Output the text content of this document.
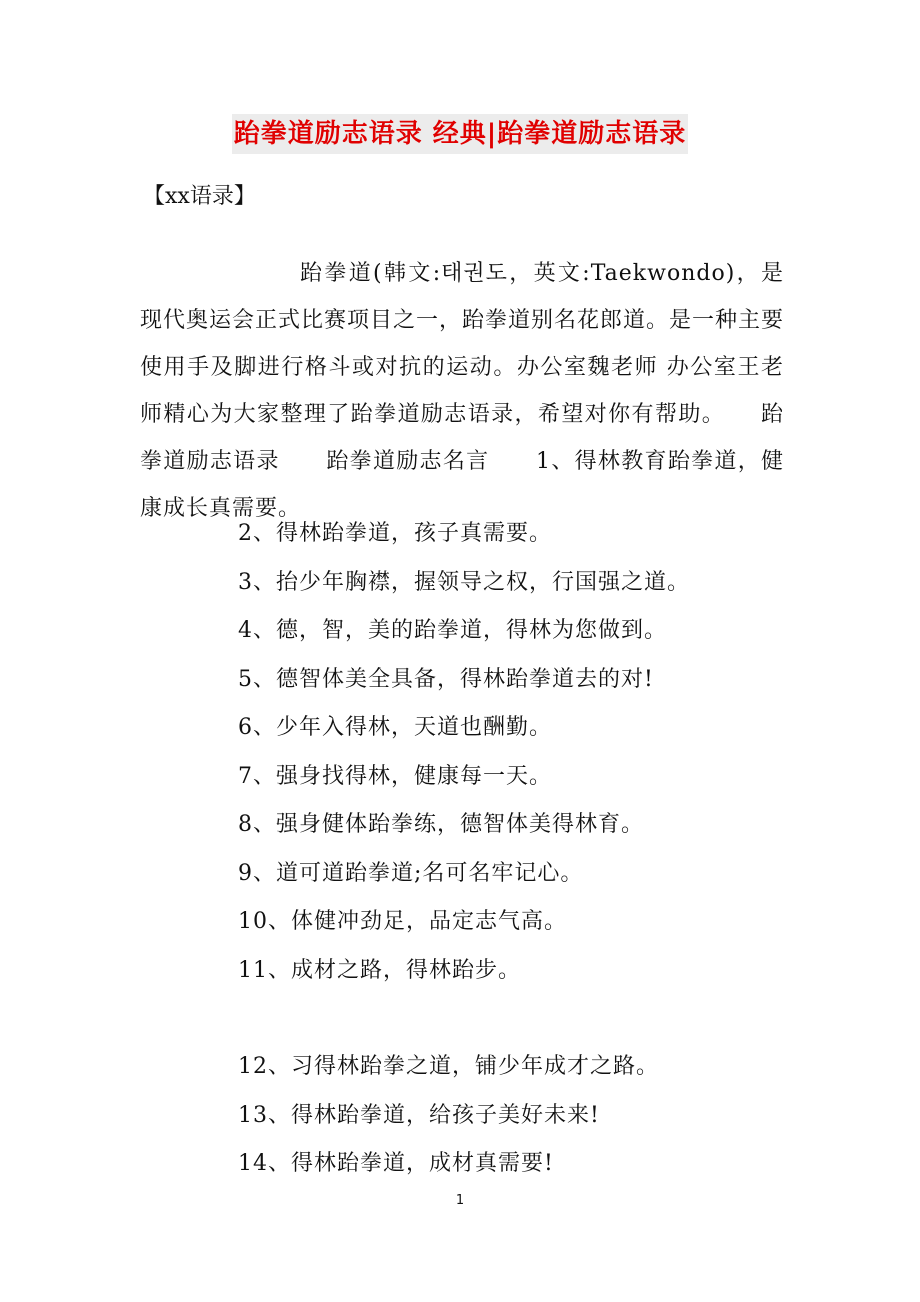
跆拳道励志语录 经典|跆拳道励志语录
【xx语录】

跆拳道(韩文:태권도，英文:Taekwondo)，是现代奥运会正式比赛项目之一，跆拳道别名花郎道。是一种主要使用手及脚进行格斗或对抗的运动。办公室魏老师 办公室王老师精心为大家整理了跆拳道励志语录，希望对你有帮助。　　跆拳道励志语录　　跆拳道励志名言　　1、得林教育跆拳道，健康成长真需要。

2、得林跆拳道，孩子真需要。
3、抬少年胸襟，握领导之权，行国强之道。
4、德，智，美的跆拳道，得林为您做到。
5、德智体美全具备，得林跆拳道去的对!
6、少年入得林，天道也酬勤。
7、强身找得林，健康每一天。
8、强身健体跆拳练，德智体美得林育。
9、道可道跆拳道;名可名牢记心。
10、体健冲劲足，品定志气高。
11、成材之路，得林跆步。
12、习得林跆拳之道，铺少年成才之路。
13、得林跆拳道，给孩子美好未来!
14、得林跆拳道，成材真需要!
1
